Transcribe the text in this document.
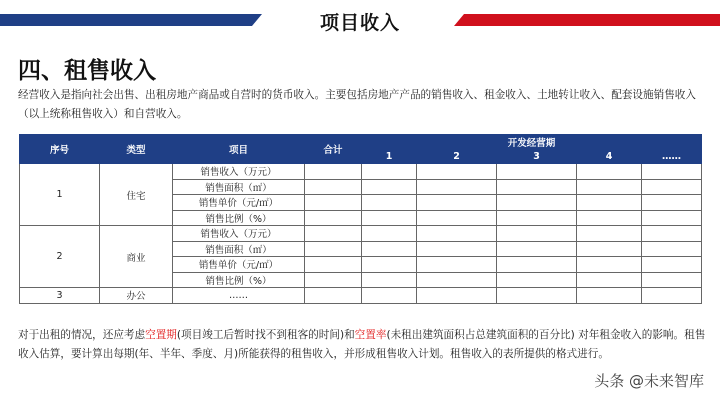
项目收入
四、租售收入
经营收入是指向社会出售、出租房地产商品或自营时的货币收入。主要包括房地产产品的销售收入、租金收入、土地转让收入、配套设施销售收入（以上统称租售收入）和自营收入。
序号	类型	项目	合计	开发经营期				
				1	2	3	4	……
1	住宅	销售收入（万元）						
		销售面积（㎡）						
		销售单价（元/㎡）						
		销售比例（%）						
2	商业	销售收入（万元）						
		销售面积（㎡）						
		销售单价（元/㎡）						
		销售比例（%）						
3	办公	……						
对于出租的情况，还应考虑空置期(项目竣工后暂时找不到租客的时间)和空置率(未租出建筑面积占总建筑面积的百分比) 对年租金收入的影响。租售收入估算，要计算出每期(年、半年、季度、月)所能获得的租售收入，并形成租售收入计划。租售收入的表所提供的格式进行。
头条 @未来智库
